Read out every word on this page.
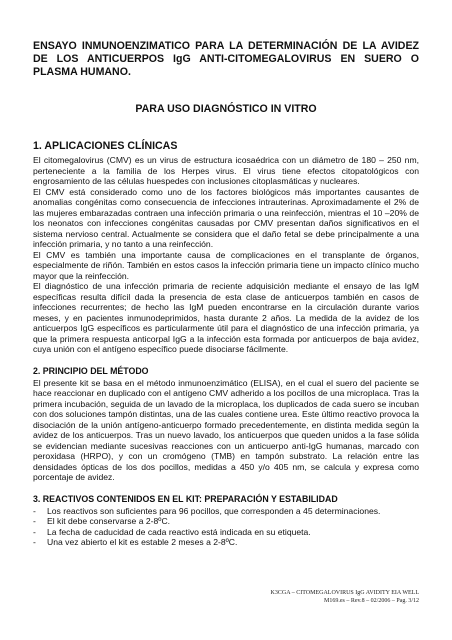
ENSAYO INMUNOENZIMATICO PARA LA DETERMINACIÓN DE LA AVIDEZ DE LOS ANTICUERPOS IgG ANTI-CITOMEGALOVIRUS EN SUERO O PLASMA HUMANO.
PARA USO DIAGNÓSTICO IN VITRO
1. APLICACIONES CLÍNICAS

El citomegalovirus (CMV) es un virus de estructura icosaédrica con un diámetro de 180 – 250 nm, perteneciente a la familia de los Herpes virus. El virus tiene efectos citopatológicos con engrosamiento de las células huespedes con inclusiones citoplasmáticas y nucleares.

El CMV está considerado como uno de los factores biológicos más importantes causantes de anomalias congénitas como consecuencia de infecciones intrauterinas. Aproximadamente el 2% de las mujeres embarazadas contraen una infección primaria o una reinfección, mientras el 10 –20% de los neonatos con infecciones congénitas causadas por CMV presentan daños significativos en el sistema nervioso central. Actualmente se considera que el daño fetal se debe principalmente a una infección primaria, y no tanto a una reinfección.

El CMV es también una importante causa de complicaciones en el transplante de órganos, especialmente de riñón. También en estos casos la infección primaria tiene un impacto clínico mucho mayor que la reinfección.

El diagnóstico de una infección primaria de reciente adquisición mediante el ensayo de las IgM específicas resulta difícil dada la presencia de esta clase de anticuerpos también en casos de infecciones recurrentes; de hecho las IgM pueden encontrarse en la circulación durante varios meses, y en pacientes inmunodeprimidos, hasta durante 2 años. La medida de la avidez de los anticuerpos IgG específicos es particularmente útil para el diagnóstico de una infección primaria, ya que la primera respuesta anticorpal IgG a la infección esta formada por anticuerpos de baja avidez, cuya unión con el antígeno específico puede disociarse fácilmente.

2. PRINCIPIO DEL MÉTODO

El presente kit se basa en el método inmunoenzimático (ELISA), en el cual el suero del paciente se hace reaccionar en duplicado con el antígeno CMV adherido a los pocillos de una microplaca. Tras la primera incubación, seguida de un lavado de la microplaca, los duplicados de cada suero se incuban con dos soluciones tampón distintas, una de las cuales contiene urea. Este último reactivo provoca la disociación de la unión antígeno-anticuerpo formado precedentemente, en distinta medida según la avidez de los anticuerpos. Tras un nuevo lavado, los anticuerpos que queden unidos a la fase sólida se evidencian mediante sucesivas reacciones con un anticuerpo anti-IgG humanas, marcado con peroxidasa (HRPO), y con un cromógeno (TMB) en tampón substrato. La relación entre las densidades ópticas de los dos pocillos, medidas a 450 y/o 405 nm, se calcula y expresa como porcentaje de avidez.

3. REACTIVOS CONTENIDOS EN EL KIT: PREPARACIÓN Y ESTABILIDAD
- Los reactivos son suficientes para 96 pocillos, que corresponden a 45 determinaciones.
- El kit debe conservarse a 2-8ºC.
- La fecha de caducidad de cada reactivo está indicada en su etiqueta.
- Una vez abierto el kit es estable 2 meses a 2-8ºC.
K3CGA – CITOMEGALOVIRUS IgG AVIDITY EIA WELL
M169.es – Rev.8 – 02/2006 – Pag. 3/12
